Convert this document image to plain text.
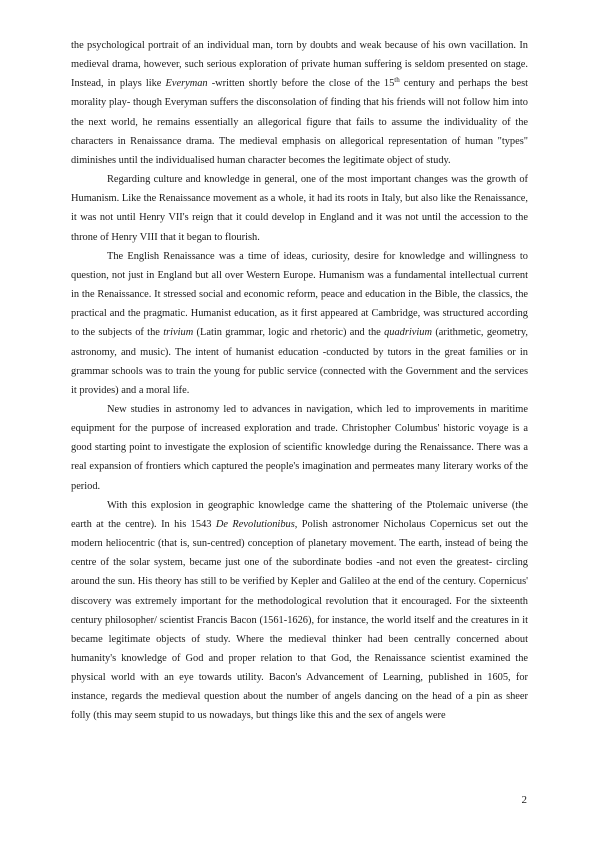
the psychological portrait of an individual man, torn by doubts and weak because of his own vacillation. In medieval drama, however, such serious exploration of private human suffering is seldom presented on stage. Instead, in plays like Everyman -written shortly before the close of the 15th century and perhaps the best morality play- though Everyman suffers the disconsolation of finding that his friends will not follow him into the next world, he remains essentially an allegorical figure that fails to assume the individuality of the characters in Renaissance drama. The medieval emphasis on allegorical representation of human "types" diminishes until the individualised human character becomes the legitimate object of study.

Regarding culture and knowledge in general, one of the most important changes was the growth of Humanism. Like the Renaissance movement as a whole, it had its roots in Italy, but also like the Renaissance, it was not until Henry VII's reign that it could develop in England and it was not until the accession to the throne of Henry VIII that it began to flourish.

The English Renaissance was a time of ideas, curiosity, desire for knowledge and willingness to question, not just in England but all over Western Europe. Humanism was a fundamental intellectual current in the Renaissance. It stressed social and economic reform, peace and education in the Bible, the classics, the practical and the pragmatic. Humanist education, as it first appeared at Cambridge, was structured according to the subjects of the trivium (Latin grammar, logic and rhetoric) and the quadrivium (arithmetic, geometry, astronomy, and music). The intent of humanist education -conducted by tutors in the great families or in grammar schools was to train the young for public service (connected with the Government and the services it provides) and a moral life.

New studies in astronomy led to advances in navigation, which led to improvements in maritime equipment for the purpose of increased exploration and trade. Christopher Columbus' historic voyage is a good starting point to investigate the explosion of scientific knowledge during the Renaissance. There was a real expansion of frontiers which captured the people's imagination and permeates many literary works of the period.

With this explosion in geographic knowledge came the shattering of the Ptolemaic universe (the earth at the centre). In his 1543 De Revolutionibus, Polish astronomer Nicholaus Copernicus set out the modern heliocentric (that is, sun-centred) conception of planetary movement. The earth, instead of being the centre of the solar system, became just one of the subordinate bodies -and not even the greatest- circling around the sun. His theory has still to be verified by Kepler and Galileo at the end of the century. Copernicus' discovery was extremely important for the methodological revolution that it encouraged. For the sixteenth century philosopher/ scientist Francis Bacon (1561-1626), for instance, the world itself and the creatures in it became legitimate objects of study. Where the medieval thinker had been centrally concerned about humanity's knowledge of God and proper relation to that God, the Renaissance scientist examined the physical world with an eye towards utility. Bacon's Advancement of Learning, published in 1605, for instance, regards the medieval question about the number of angels dancing on the head of a pin as sheer folly (this may seem stupid to us nowadays, but things like this and the sex of angels were

2
